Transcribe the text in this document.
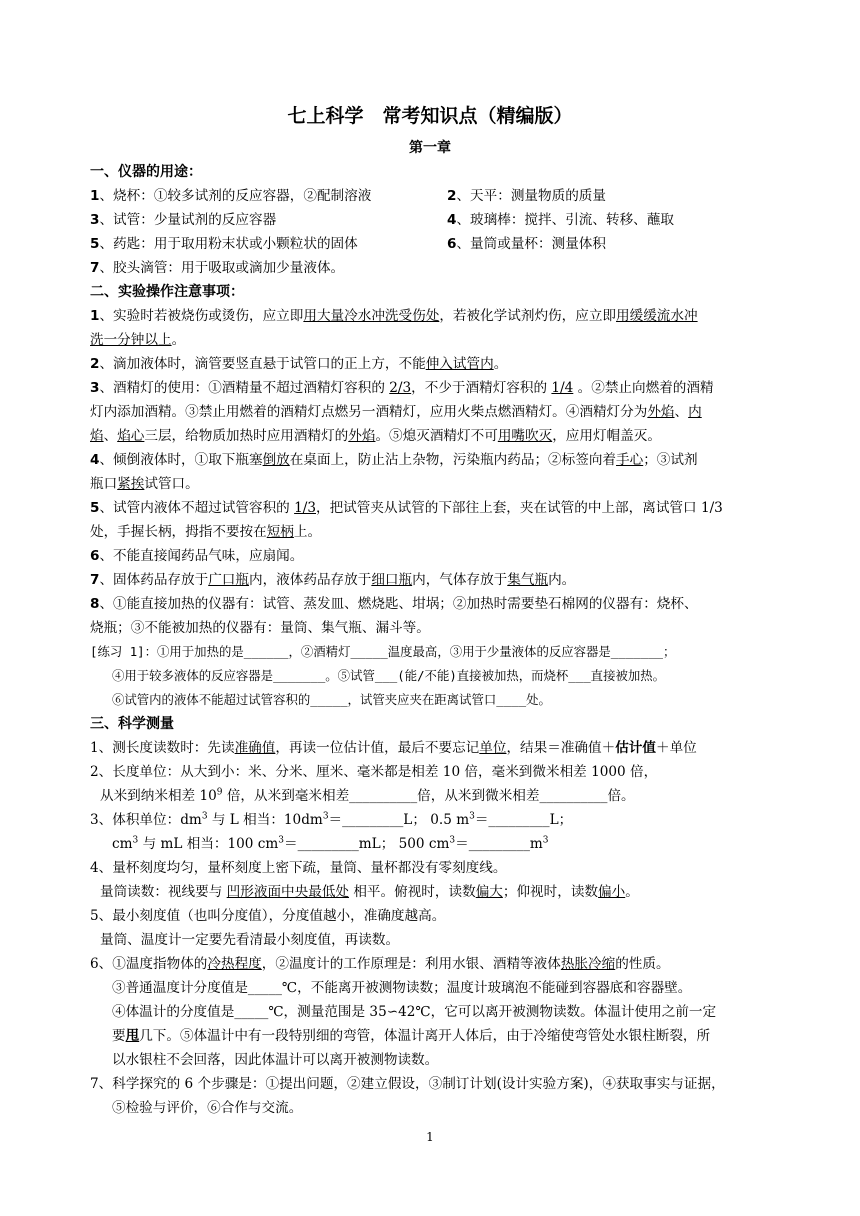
七上科学　常考知识点（精编版）
第一章
一、仪器的用途：
1、烧杯：①较多试剂的反应容器，②配制溶液	2、天平：测量物质的质量
3、试管：少量试剂的反应容器	4、玻璃棒：搅拌、引流、转移、蘸取
5、药匙：用于取用粉末状或小颗粒状的固体	6、量筒或量杯：测量体积
7、胶头滴管：用于吸取或滴加少量液体。
二、实验操作注意事项：
1、实验时若被烧伤或烫伤，应立即用大量冷水冲洗受伤处，若被化学试剂灼伤，应立即用缓缓流水冲
洗一分钟以上。
2、滴加液体时，滴管要竖直悬于试管口的正上方，不能伸入试管内。
3、酒精灯的使用：①酒精量不超过酒精灯容积的 2/3，不少于酒精灯容积的 1/4 。②禁止向燃着的酒精
灯内添加酒精。③禁止用燃着的酒精灯点燃另一酒精灯，应用火柴点燃酒精灯。④酒精灯分为外焰、内
焰、焰心三层，给物质加热时应用酒精灯的外焰。⑤熄灭酒精灯不可用嘴吹灭，应用灯帽盖灭。
4、倾倒液体时，①取下瓶塞倒放在桌面上，防止沾上杂物，污染瓶内药品；②标签向着手心；③试剂
瓶口紧挨试管口。
5、试管内液体不超过试管容积的 1/3，把试管夹从试管的下部往上套，夹在试管的中上部，离试管口 1/3
处，手握长柄，拇指不要按在短柄上。
6、不能直接闻药品气味，应扇闻。
7、固体药品存放于广口瓶内，液体药品存放于细口瓶内，气体存放于集气瓶内。
8、①能直接加热的仪器有：试管、蒸发皿、燃烧匙、坩埚；②加热时需要垫石棉网的仪器有：烧杯、
烧瓶；③不能被加热的仪器有：量筒、集气瓶、漏斗等。
[练习 1]：①用于加热的是______，②酒精灯_____温度最高，③用于少量液体的反应容器是_______；
④用于较多液体的反应容器是_______。⑤试管___(能/不能)直接被加热，而烧杯___直接被加热。
⑥试管内的液体不能超过试管容积的_____，试管夹应夹在距离试管口____处。
三、科学测量
1、测长度读数时：先读准确值，再读一位估计值，最后不要忘记单位，结果＝准确值＋估计值＋单位
2、长度单位：从大到小：米、分米、厘米、毫米都是相差 10 倍，毫米到微米相差 1000 倍，
从米到纳米相差 $10^9$ 倍，从米到毫米相差__________倍，从米到微米相差__________倍。
3、体积单位：$dm^3$ 与 L 相当：$10dm^3=\_\_\_\_\_\_\_\_\_L$； 0.5 $m^3=\_\_\_\_\_\_\_\_\_L$；
$cm^3$ 与 mL 相当：100 $cm^3=\_\_\_\_\_\_\_\_\_mL$； 500 $cm^3=\_\_\_\_\_\_\_\_\_m^3$
4、量杯刻度均匀，量杯刻度上密下疏，量筒、量杯都没有零刻度线。
量筒读数：视线要与 凹形液面中央最低处 相平。俯视时，读数偏大；仰视时，读数偏小。
5、最小刻度值（也叫分度值），分度值越小，准确度越高。
量筒、温度计一定要先看清最小刻度值，再读数。
6、①温度指物体的冷热程度，②温度计的工作原理是：利用水银、酒精等液体热胀冷缩的性质。
③普通温度计分度值是_____℃，不能离开被测物读数；温度计玻璃泡不能碰到容器底和容器壁。
④体温计的分度值是_____℃，测量范围是 35∽42℃，它可以离开被测物读数。体温计使用之前一定
要甩几下。⑤体温计中有一段特别细的弯管，体温计离开人体后，由于冷缩使弯管处水银柱断裂，所
以水银柱不会回落，因此体温计可以离开被测物读数。
7、科学探究的 6 个步骤是：①提出问题，②建立假设，③制订计划(设计实验方案)，④获取事实与证据，
⑤检验与评价，⑥合作与交流。
1
